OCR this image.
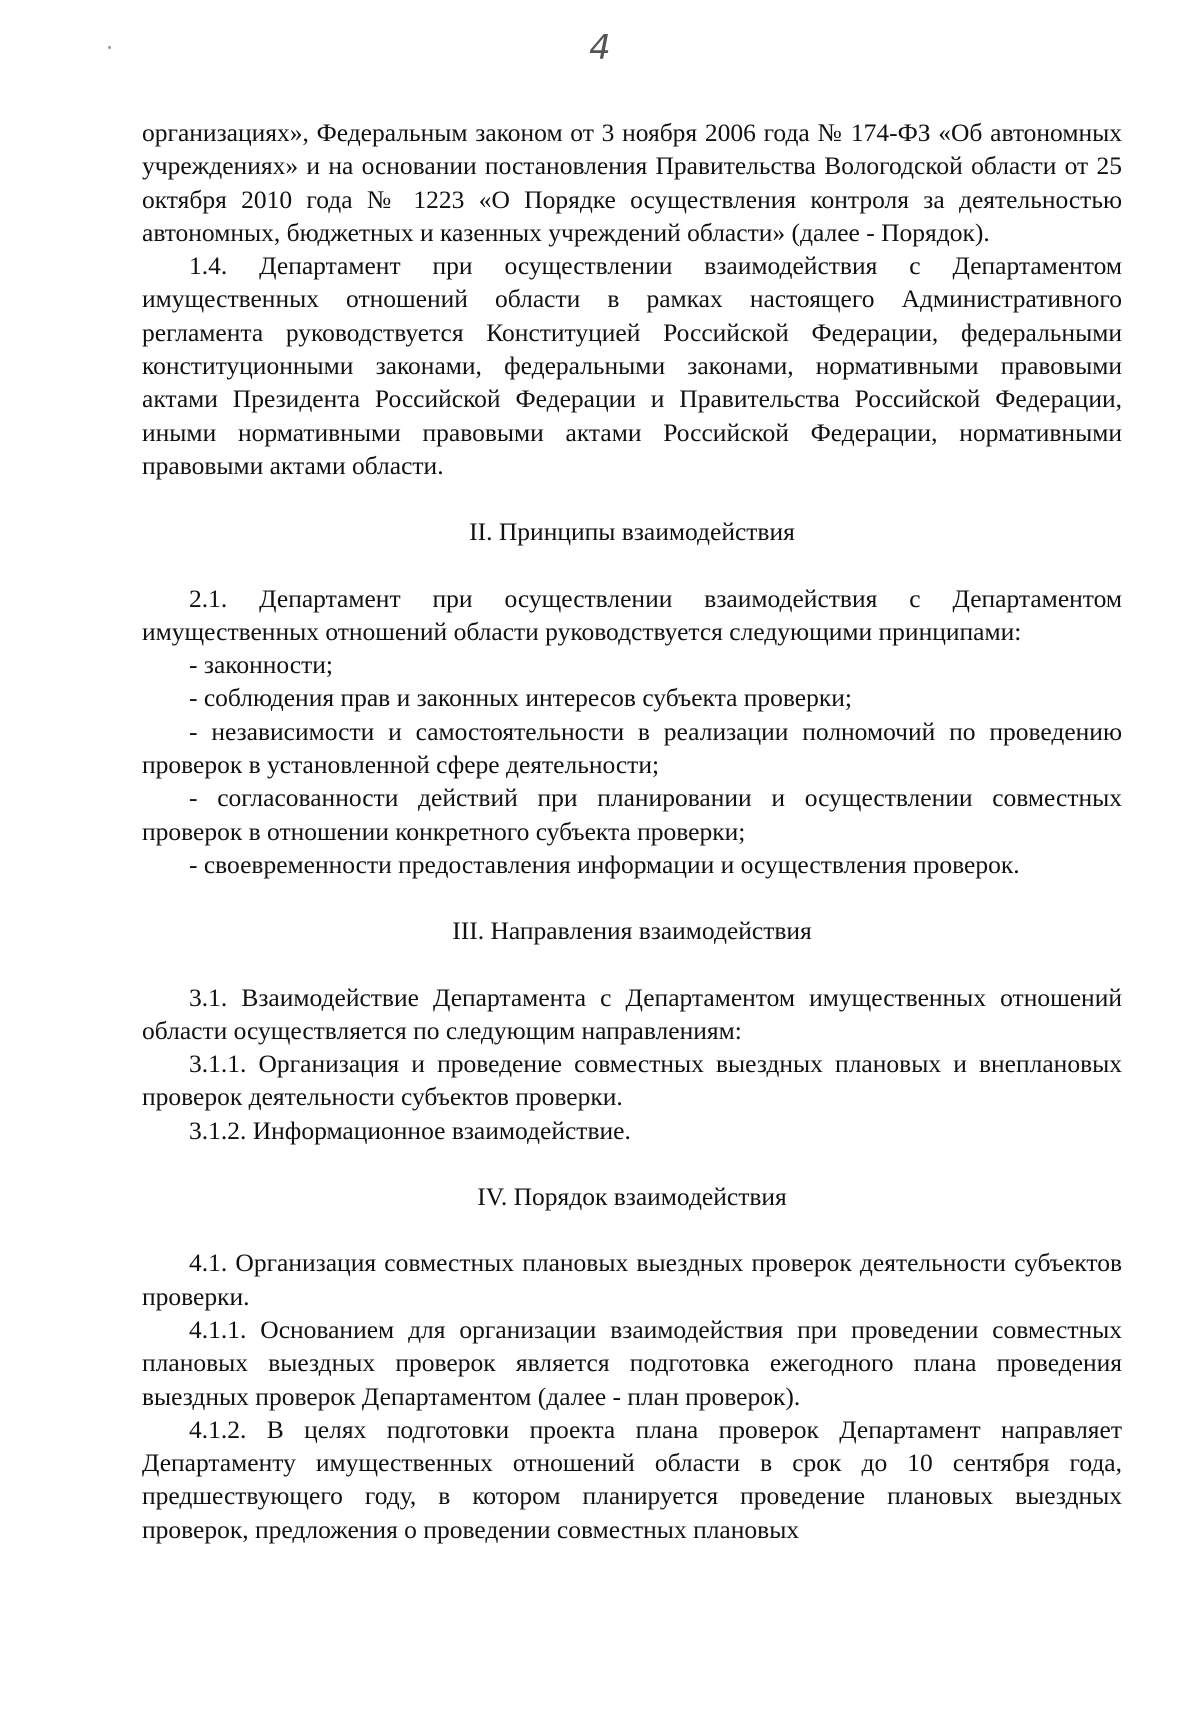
4

организациях», Федеральным законом от 3 ноября 2006 года № 174-ФЗ «Об автономных учреждениях» и на основании постановления Правительства Вологодской области от 25 октября 2010 года № 1223 «О Порядке осуществления контроля за деятельностью автономных, бюджетных и казенных учреждений области» (далее - Порядок).

1.4. Департамент при осуществлении взаимодействия с Департаментом имущественных отношений области в рамках настоящего Административного регламента руководствуется Конституцией Российской Федерации, федеральными конституционными законами, федеральными законами, нормативными правовыми актами Президента Российской Федерации и Правительства Российской Федерации, иными нормативными правовыми актами Российской Федерации, нормативными правовыми актами области.

II. Принципы взаимодействия

2.1. Департамент при осуществлении взаимодействия с Департаментом имущественных отношений области руководствуется следующими принципами:

- законности;

- соблюдения прав и законных интересов субъекта проверки;

- независимости и самостоятельности в реализации полномочий по проведению проверок в установленной сфере деятельности;

- согласованности действий при планировании и осуществлении совместных проверок в отношении конкретного субъекта проверки;

- своевременности предоставления информации и осуществления проверок.

III. Направления взаимодействия

3.1. Взаимодействие Департамента с Департаментом имущественных отношений области осуществляется по следующим направлениям:

3.1.1. Организация и проведение совместных выездных плановых и внеплановых проверок деятельности субъектов проверки.

3.1.2. Информационное взаимодействие.

IV. Порядок взаимодействия

4.1. Организация совместных плановых выездных проверок деятельности субъектов проверки.

4.1.1. Основанием для организации взаимодействия при проведении совместных плановых выездных проверок является подготовка ежегодного плана проведения выездных проверок Департаментом (далее - план проверок).

4.1.2. В целях подготовки проекта плана проверок Департамент направляет Департаменту имущественных отношений области в срок до 10 сентября года, предшествующего году, в котором планируется проведение плановых выездных проверок, предложения о проведении совместных плановых
